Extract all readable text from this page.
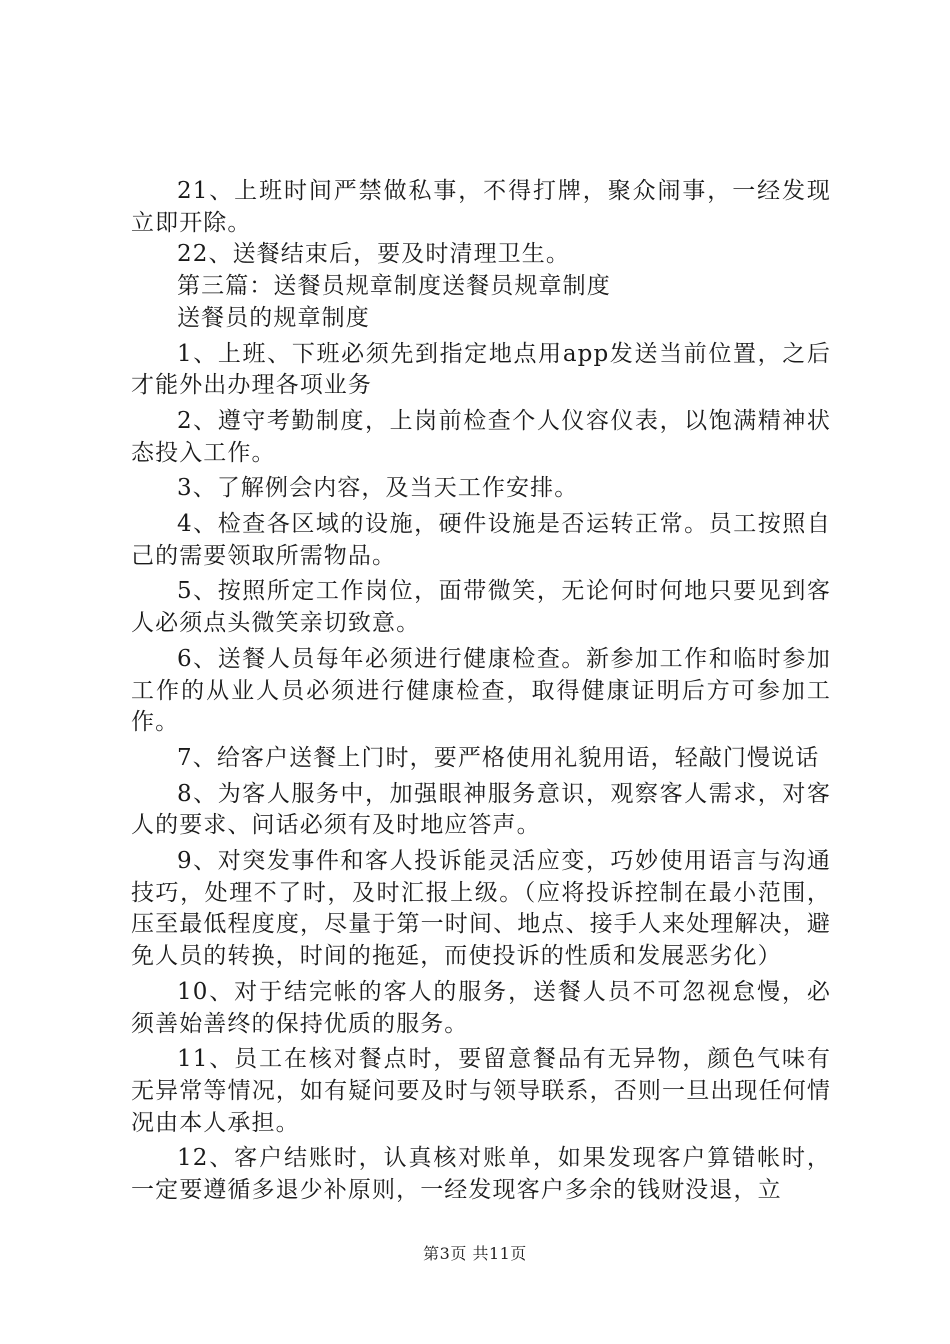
21、上班时间严禁做私事，不得打牌，聚众闹事，一经发现立即开除。

22、送餐结束后，要及时清理卫生。

第三篇：送餐员规章制度送餐员规章制度

送餐员的规章制度

1、上班、下班必须先到指定地点用app发送当前位置，之后才能外出办理各项业务

2、遵守考勤制度，上岗前检查个人仪容仪表，以饱满精神状态投入工作。

3、了解例会内容，及当天工作安排。

4、检查各区域的设施，硬件设施是否运转正常。员工按照自己的需要领取所需物品。

5、按照所定工作岗位，面带微笑，无论何时何地只要见到客人必须点头微笑亲切致意。

6、送餐人员每年必须进行健康检查。新参加工作和临时参加工作的从业人员必须进行健康检查，取得健康证明后方可参加工作。

7、给客户送餐上门时，要严格使用礼貌用语，轻敲门慢说话

8、为客人服务中，加强眼神服务意识，观察客人需求，对客人的要求、问话必须有及时地应答声。

9、对突发事件和客人投诉能灵活应变，巧妙使用语言与沟通技巧，处理不了时，及时汇报上级。（应将投诉控制在最小范围，压至最低程度度，尽量于第一时间、地点、接手人来处理解决，避免人员的转换，时间的拖延，而使投诉的性质和发展恶劣化）

10、对于结完帐的客人的服务，送餐人员不可忽视怠慢，必须善始善终的保持优质的服务。

11、员工在核对餐点时，要留意餐品有无异物，颜色气味有无异常等情况，如有疑问要及时与领导联系，否则一旦出现任何情况由本人承担。

12、客户结账时，认真核对账单，如果发现客户算错帐时，一定要遵循多退少补原则，一经发现客户多余的钱财没退，立

第3页 共11页
